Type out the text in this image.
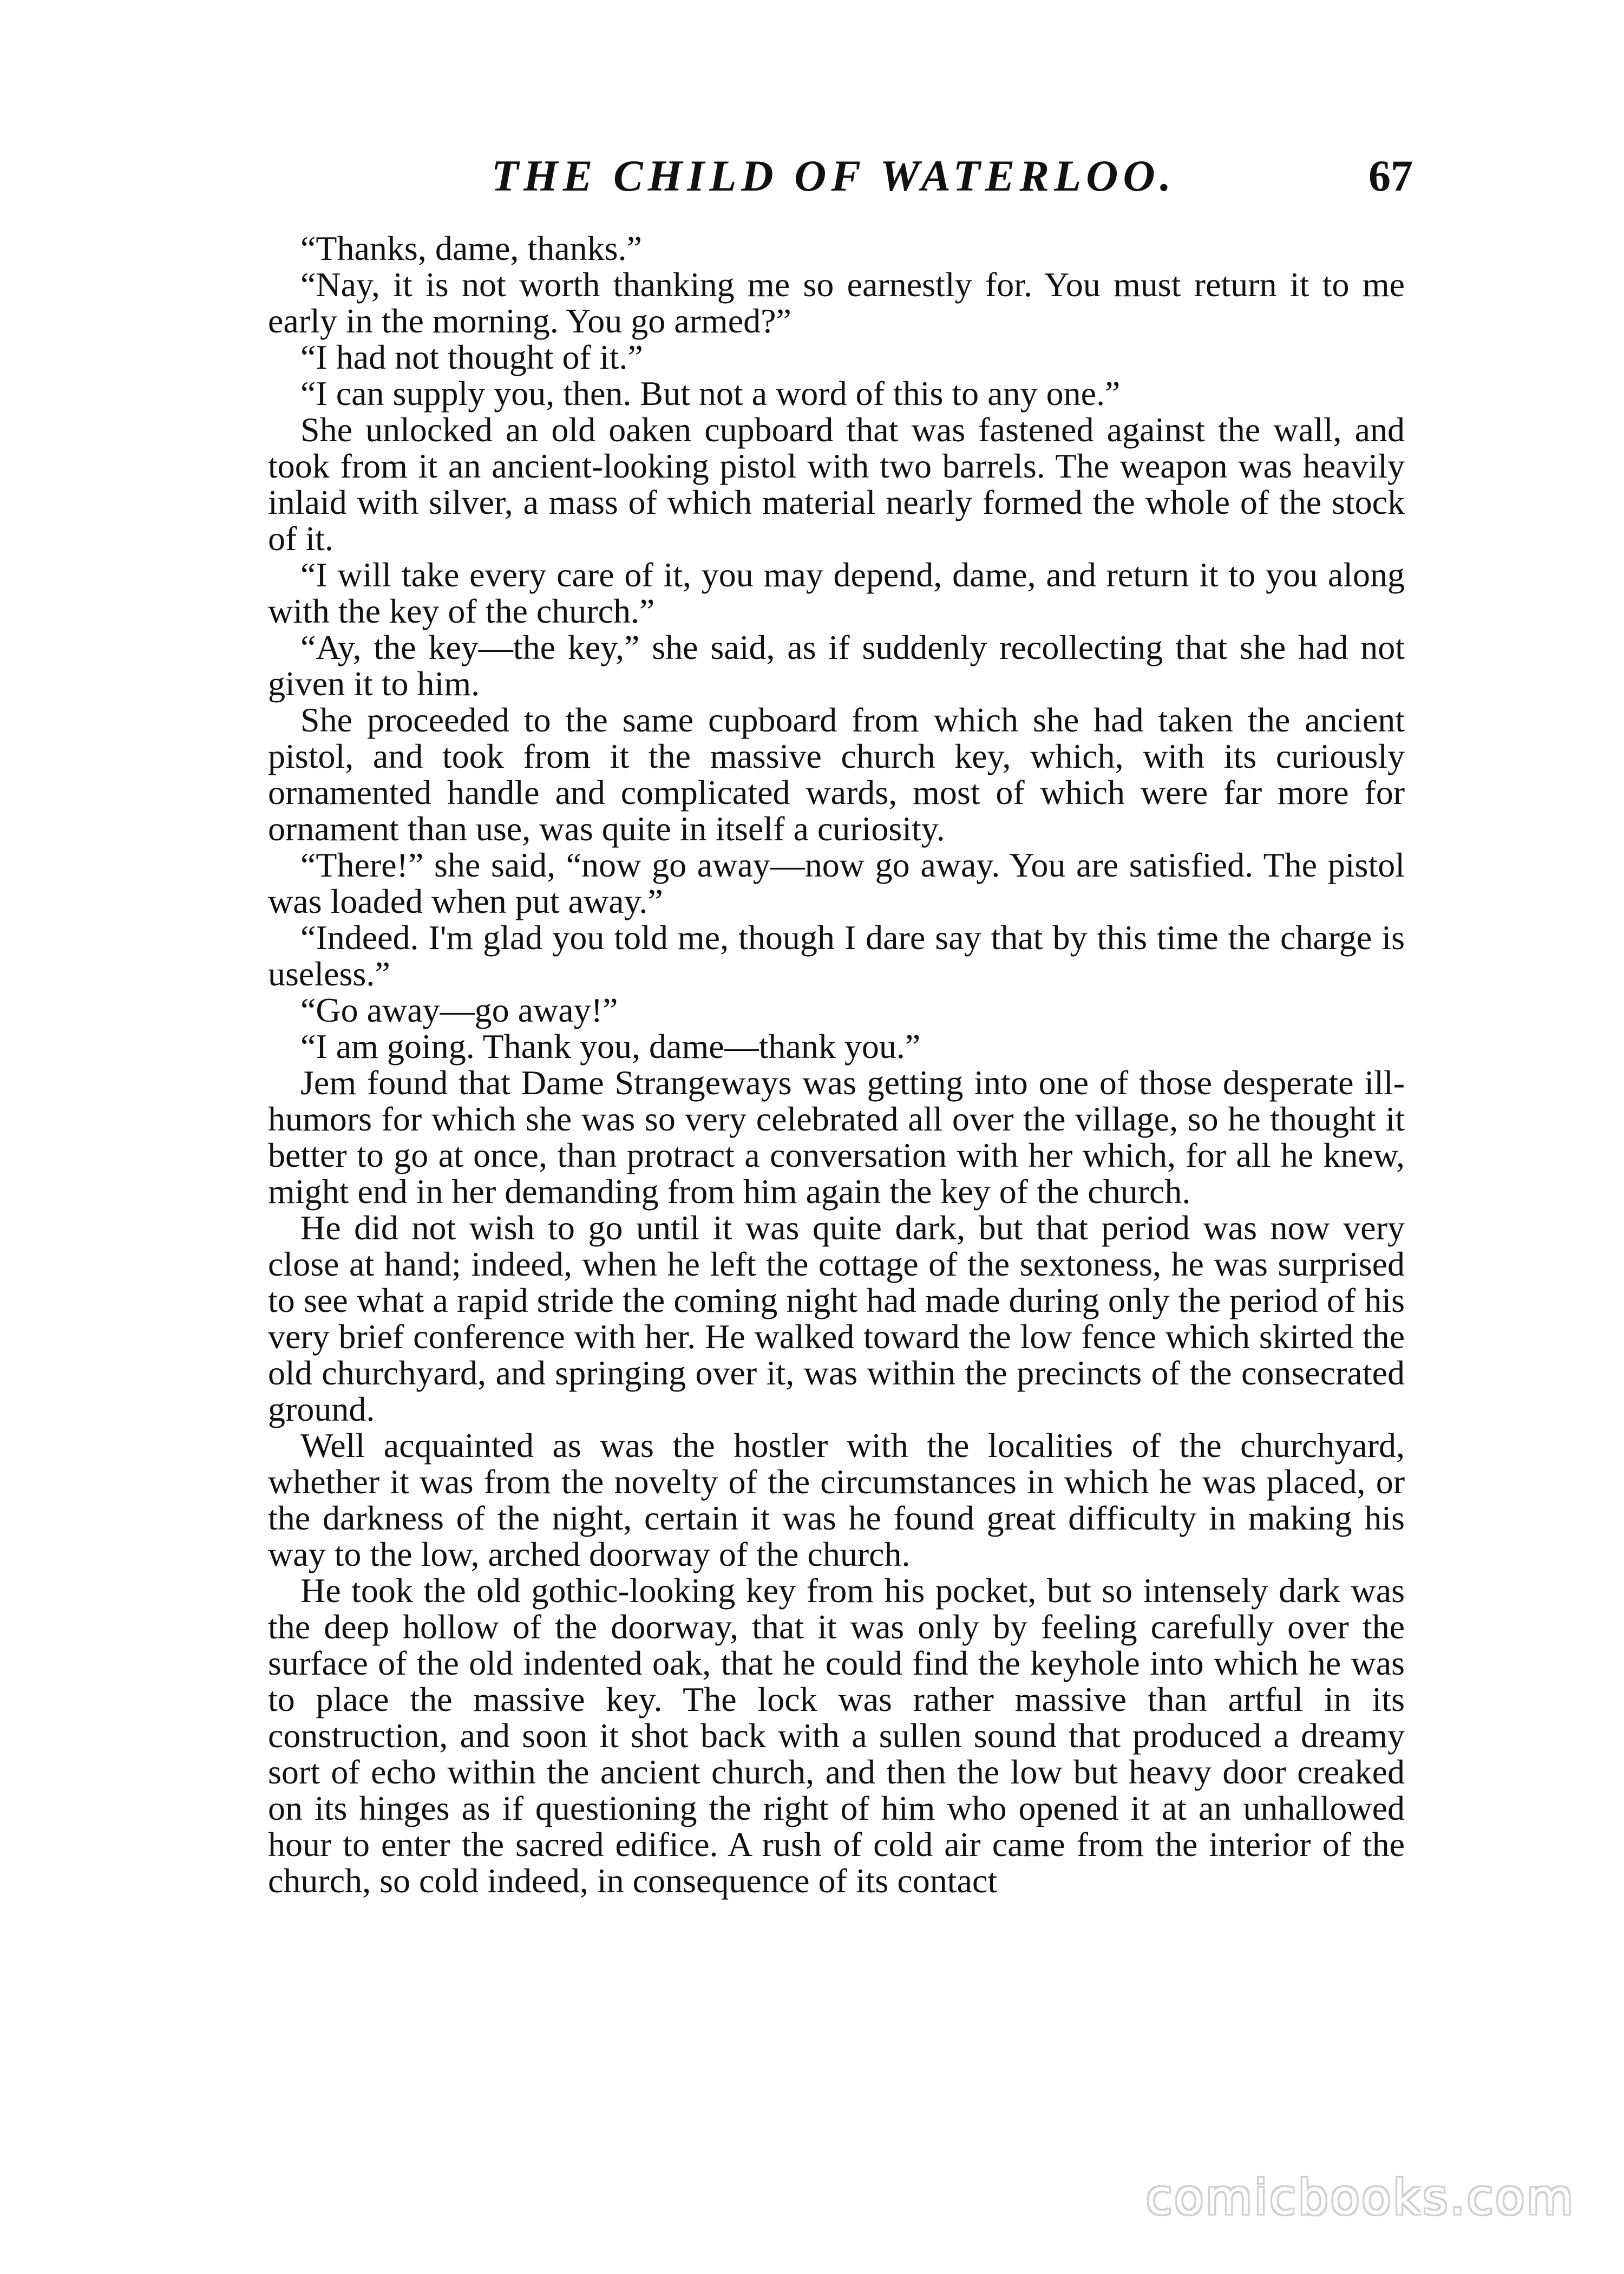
THE CHILD OF WATERLOO.	67

“Thanks, dame, thanks.”

“Nay, it is not worth thanking me so earnestly for. You must return it to me early in the morning. You go armed?”

“I had not thought of it.”

“I can supply you, then. But not a word of this to any one.”

She unlocked an old oaken cupboard that was fastened against the wall, and took from it an ancient-looking pistol with two barrels. The weapon was heavily inlaid with silver, a mass of which material nearly formed the whole of the stock of it.

“I will take every care of it, you may depend, dame, and return it to you along with the key of the church.”

“Ay, the key—the key,” she said, as if suddenly recollecting that she had not given it to him.

She proceeded to the same cupboard from which she had taken the ancient pistol, and took from it the massive church key, which, with its curiously ornamented handle and complicated wards, most of which were far more for ornament than use, was quite in itself a curiosity.

“There!” she said, “now go away—now go away. You are satisfied. The pistol was loaded when put away.”

“Indeed. I'm glad you told me, though I dare say that by this time the charge is useless.”

“Go away—go away!”

“I am going. Thank you, dame—thank you.”

Jem found that Dame Strangeways was getting into one of those desperate ill-humors for which she was so very celebrated all over the village, so he thought it better to go at once, than protract a conversation with her which, for all he knew, might end in her demanding from him again the key of the church.

He did not wish to go until it was quite dark, but that period was now very close at hand; indeed, when he left the cottage of the sextoness, he was surprised to see what a rapid stride the coming night had made during only the period of his very brief conference with her. He walked toward the low fence which skirted the old churchyard, and springing over it, was within the precincts of the consecrated ground.

Well acquainted as was the hostler with the localities of the churchyard, whether it was from the novelty of the circumstances in which he was placed, or the darkness of the night, certain it was he found great difficulty in making his way to the low, arched doorway of the church.

He took the old gothic-looking key from his pocket, but so intensely dark was the deep hollow of the doorway, that it was only by feeling carefully over the surface of the old indented oak, that he could find the keyhole into which he was to place the massive key. The lock was rather massive than artful in its construction, and soon it shot back with a sullen sound that produced a dreamy sort of echo within the ancient church, and then the low but heavy door creaked on its hinges as if questioning the right of him who opened it at an unhallowed hour to enter the sacred edifice. A rush of cold air came from the interior of the church, so cold indeed, in consequence of its contact

comicbooks.com
